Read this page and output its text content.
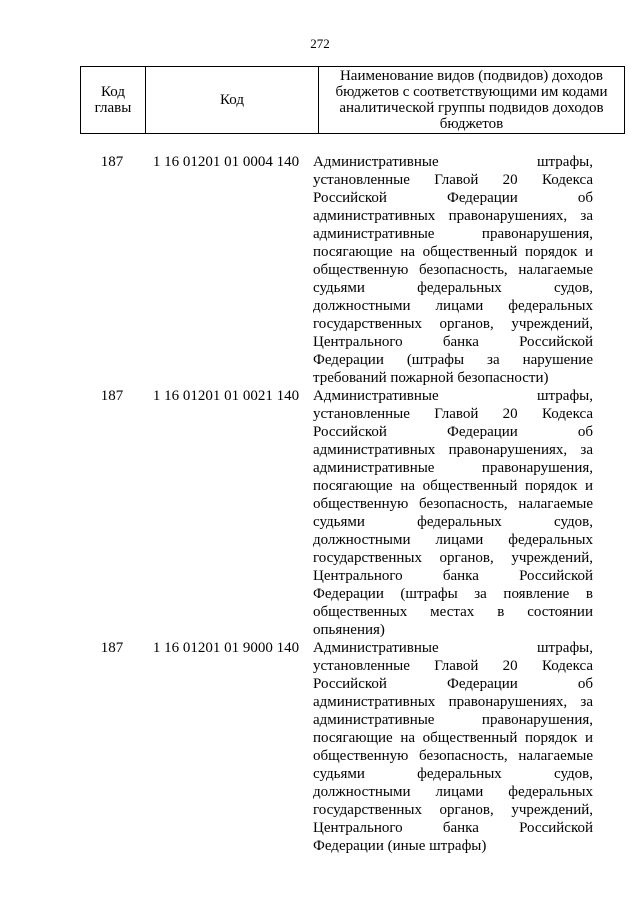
272
Код главы	Код	Наименование видов (подвидов) доходов бюджетов с соответствующими им кодами аналитической группы подвидов доходов бюджетов
187	1 16 01201 01 0004 140 Административные штрафы, установленные Главой 20 Кодекса Российской Федерации об административных правонарушениях, за административные правонарушения, посягающие на общественный порядок и общественную безопасность, налагаемые судьями федеральных судов, должностными лицами федеральных государственных органов, учреждений, Центрального банка Российской Федерации (штрафы за нарушение требований пожарной безопасности)
187	1 16 01201 01 0021 140 Административные штрафы, установленные Главой 20 Кодекса Российской Федерации об административных правонарушениях, за административные правонарушения, посягающие на общественный порядок и общественную безопасность, налагаемые судьями федеральных судов, должностными лицами федеральных государственных органов, учреждений, Центрального банка Российской Федерации (штрафы за появление в общественных местах в состоянии опьянения)
187	1 16 01201 01 9000 140 Административные штрафы, установленные Главой 20 Кодекса Российской Федерации об административных правонарушениях, за административные правонарушения, посягающие на общественный порядок и общественную безопасность, налагаемые судьями федеральных судов, должностными лицами федеральных государственных органов, учреждений, Центрального банка Российской Федерации (иные штрафы)
